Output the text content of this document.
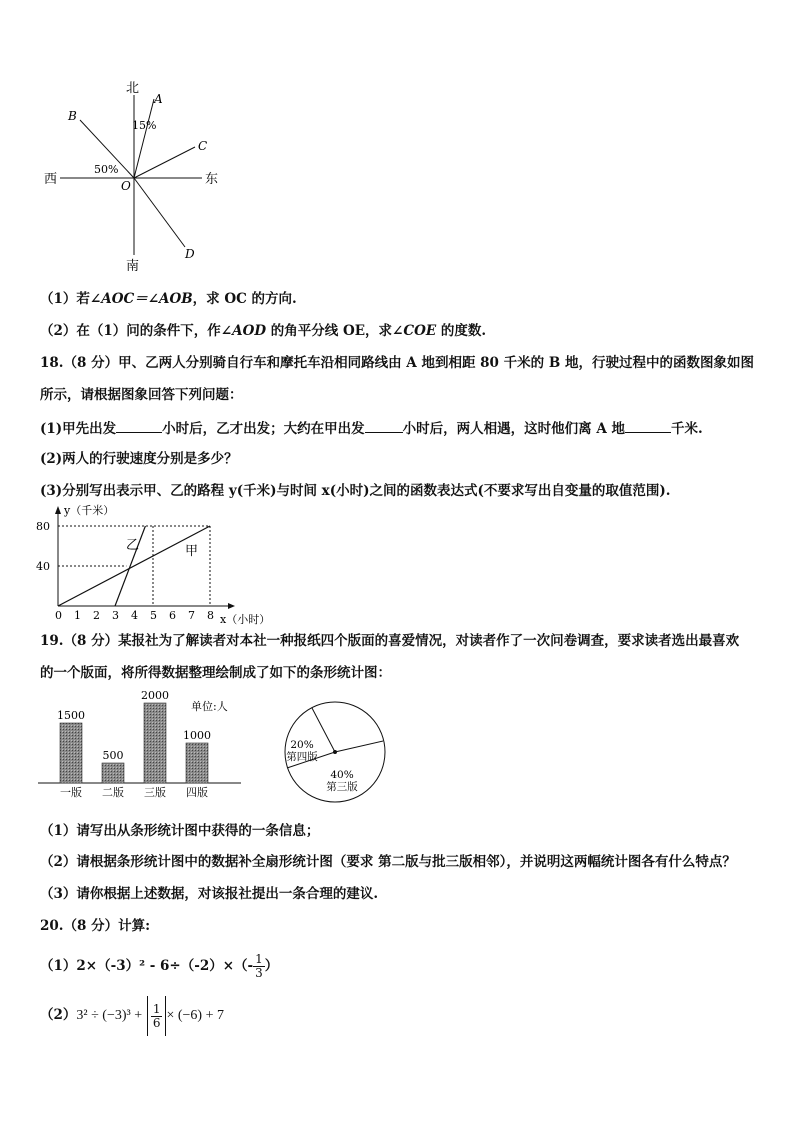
北
南
西	东
A
B
C
D
O
15%
50%
（1）若∠AOC＝∠AOB，求 OC 的方向.
（2）在（1）问的条件下，作∠AOD 的角平分线 OE，求∠COE 的度数.
18.（8 分）甲、乙两人分别骑自行车和摩托车沿相同路线由 A 地到相距 80 千米的 B 地，行驶过程中的函数图象如图
所示，请根据图象回答下列问题：
(1)甲先出发	小时后，乙才出发；大约在甲出发	小时后，两人相遇，这时他们离 A 地	千米.
(2)两人的行驶速度分别是多少？
(3)分别写出表示甲、乙的路程 y(千米)与时间 x(小时)之间的函数表达式(不要求写出自变量的取值范围).
y（千米）
x（小时）
0 1 2 3 4 5 6 7 8
80
40
乙	甲
19.（8 分）某报社为了解读者对本社一种报纸四个版面的喜爱情况，对读者作了一次问卷调查，要求读者选出最喜欢
的一个版面，将所得数据整理绘制成了如下的条形统计图：
单位:人
1500
一版
500
二版
2000
三版
1000
四版
20%
第四版
40%
第三版
（1）请写出从条形统计图中获得的一条信息；
（2）请根据条形统计图中的数据补全扇形统计图（要求 第二版与批三版相邻），并说明这两幅统计图各有什么特点？
（3）请你根据上述数据，对该报社提出一条合理的建议.
20.（8 分）计算:
$(1)2\times(-3)^2 - 6\div(-2)\times(- \frac{1}{3}$ ）
$(2)3^2 \div (-3)^3 + \frac{1}{6} \times (-6) + 7$
